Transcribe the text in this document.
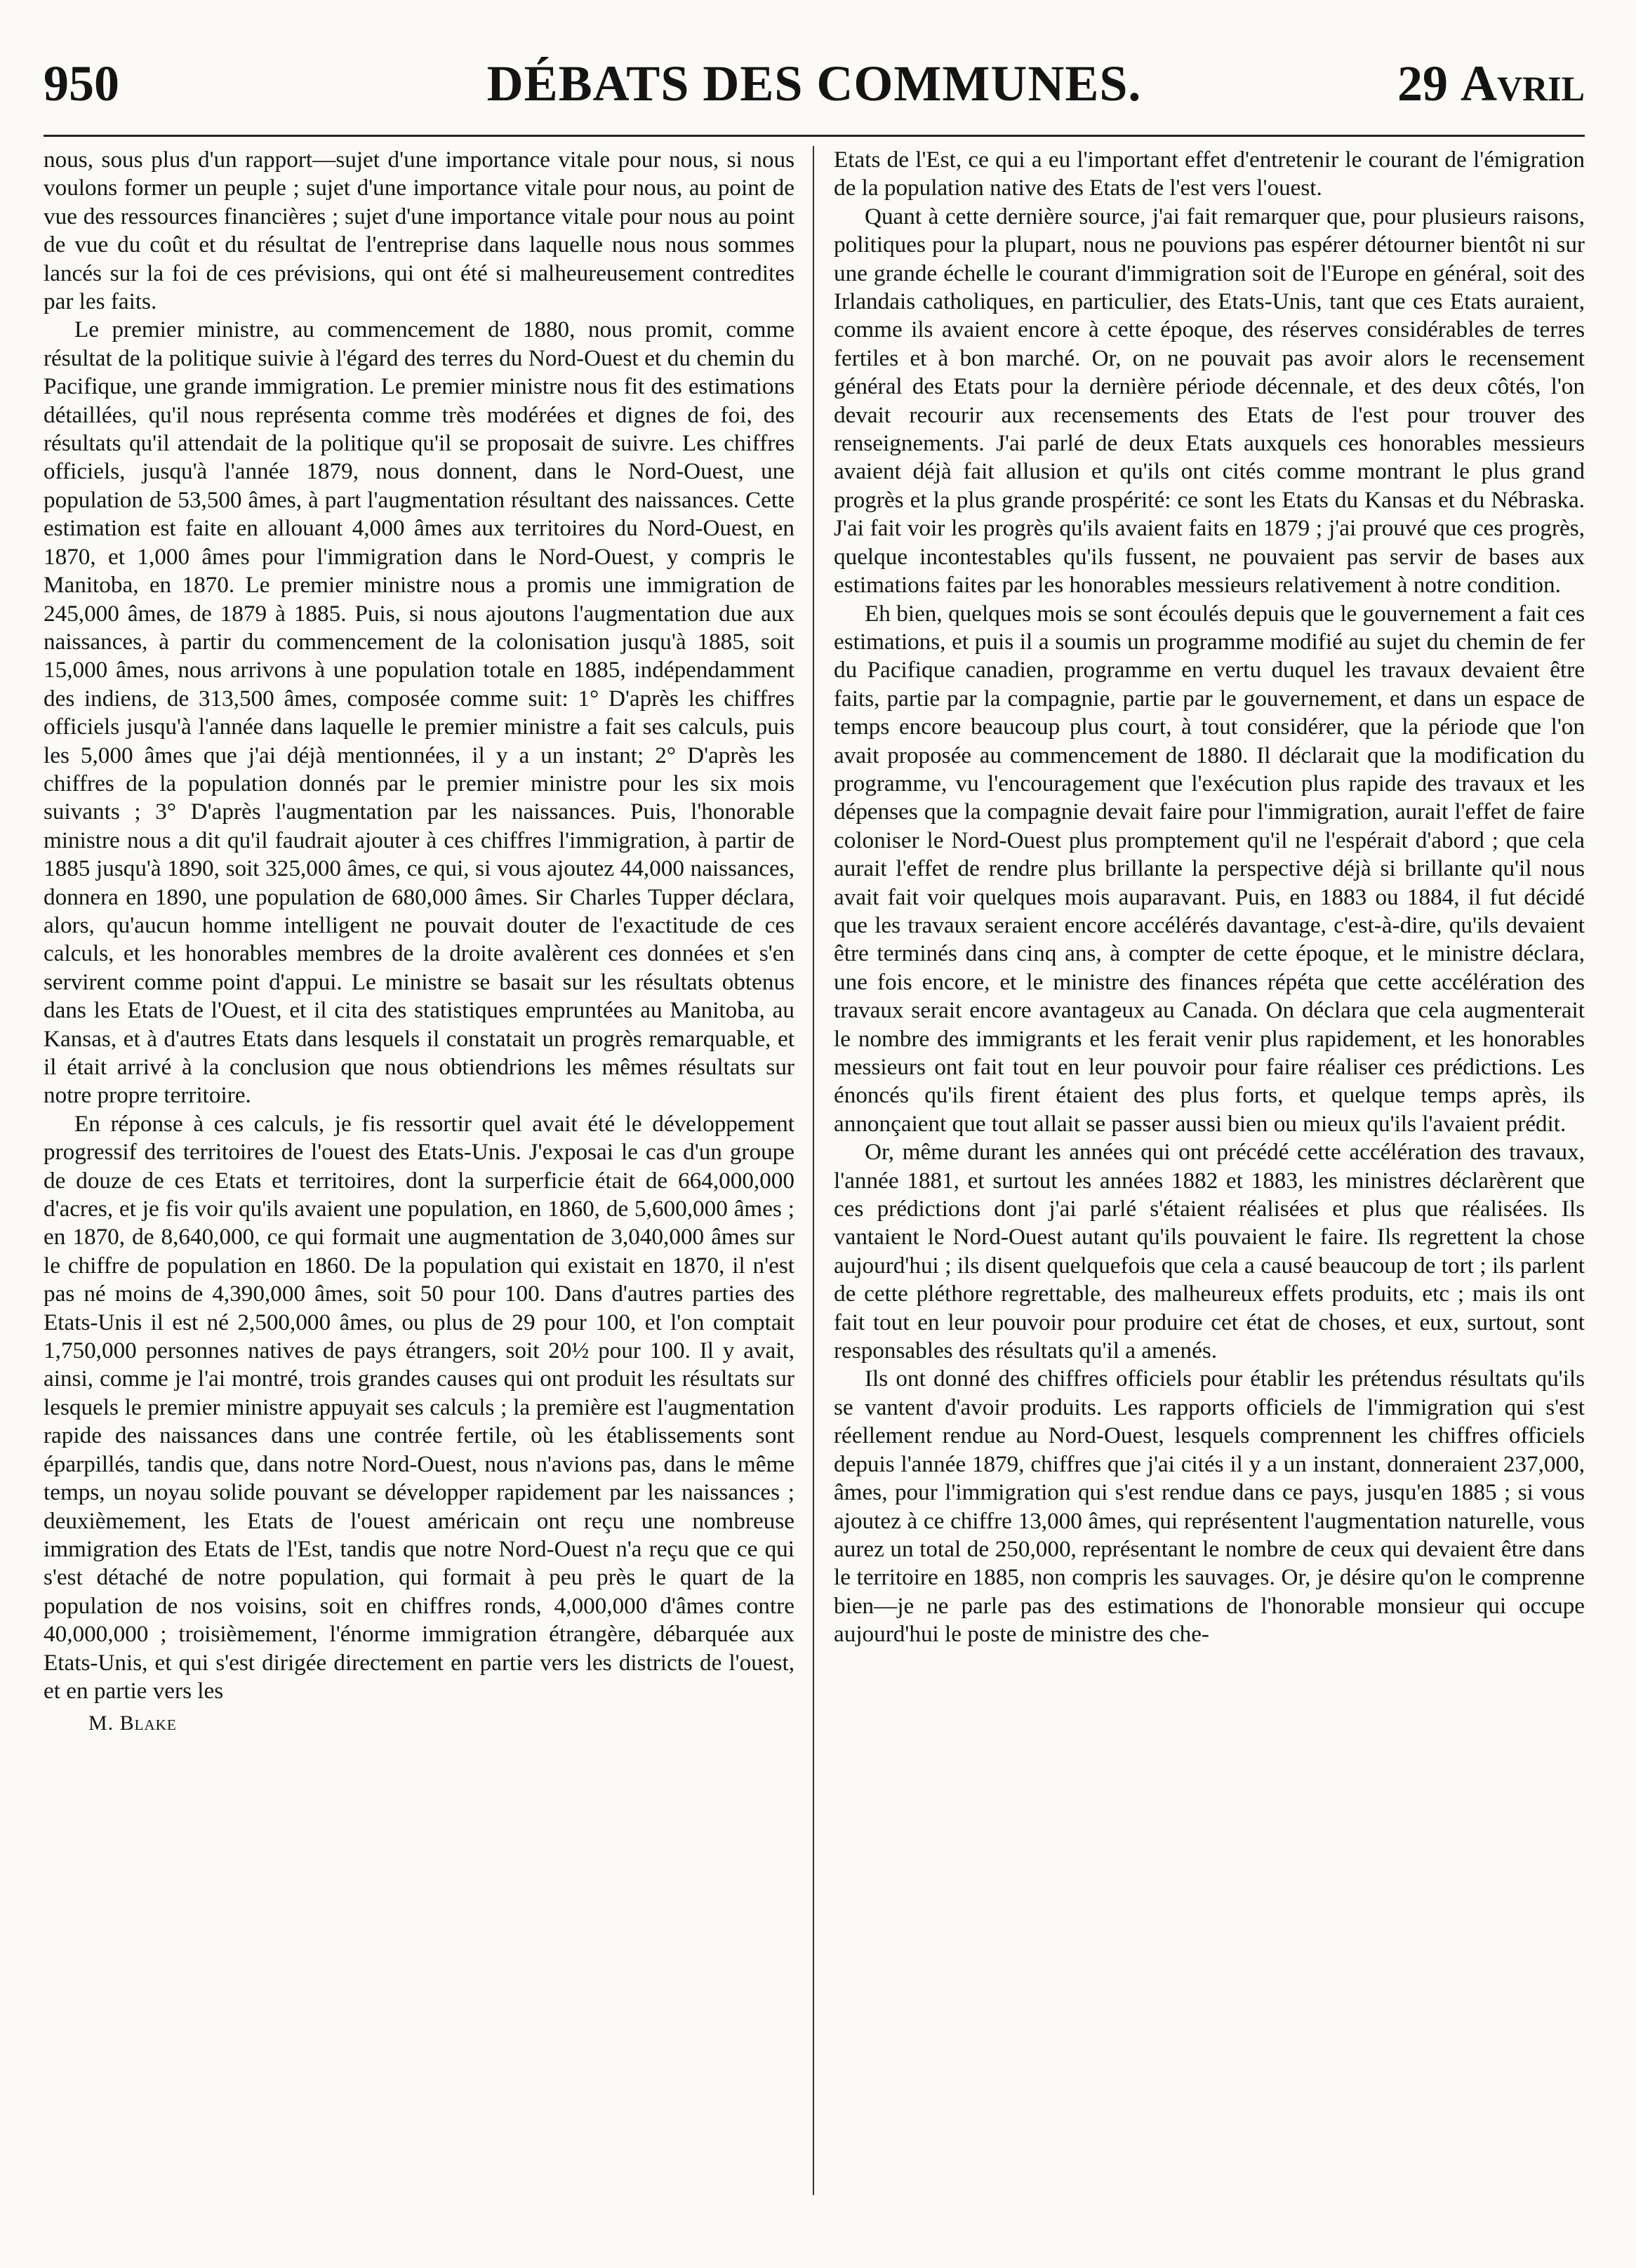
950	DÉBATS DES COMMUNES.	29 Avril

nous, sous plus d'un rapport—sujet d'une importance vitale pour nous, si nous voulons former un peuple ; sujet d'une importance vitale pour nous, au point de vue des ressources financières ; sujet d'une importance vitale pour nous au point de vue du coût et du résultat de l'entreprise dans laquelle nous nous sommes lancés sur la foi de ces prévisions, qui ont été si malheureusement contredites par les faits.

Le premier ministre, au commencement de 1880, nous promit, comme résultat de la politique suivie à l'égard des terres du Nord-Ouest et du chemin du Pacifique, une grande immigration. Le premier ministre nous fit des estimations détaillées, qu'il nous représenta comme très modérées et dignes de foi, des résultats qu'il attendait de la politique qu'il se proposait de suivre. Les chiffres officiels, jusqu'à l'année 1879, nous donnent, dans le Nord-Ouest, une population de 53,500 âmes, à part l'augmentation résultant des naissances. Cette estimation est faite en allouant 4,000 âmes aux territoires du Nord-Ouest, en 1870, et 1,000 âmes pour l'immigration dans le Nord-Ouest, y compris le Manitoba, en 1870. Le premier ministre nous a promis une immigration de 245,000 âmes, de 1879 à 1885. Puis, si nous ajoutons l'augmentation due aux naissances, à partir du commencement de la colonisation jusqu'à 1885, soit 15,000 âmes, nous arrivons à une population totale en 1885, indépendamment des indiens, de 313,500 âmes, composée comme suit: 1° D'après les chiffres officiels jusqu'à l'année dans laquelle le premier ministre a fait ses calculs, puis les 5,000 âmes que j'ai déjà mentionnées, il y a un instant; 2° D'après les chiffres de la population donnés par le premier ministre pour les six mois suivants ; 3° D'après l'augmentation par les naissances. Puis, l'honorable ministre nous a dit qu'il faudrait ajouter à ces chiffres l'immigration, à partir de 1885 jusqu'à 1890, soit 325,000 âmes, ce qui, si vous ajoutez 44,000 naissances, donnera en 1890, une population de 680,000 âmes. Sir Charles Tupper déclara, alors, qu'aucun homme intelligent ne pouvait douter de l'exactitude de ces calculs, et les honorables membres de la droite avalèrent ces données et s'en servirent comme point d'appui. Le ministre se basait sur les résultats obtenus dans les Etats de l'Ouest, et il cita des statistiques empruntées au Manitoba, au Kansas, et à d'autres Etats dans lesquels il constatait un progrès remarquable, et il était arrivé à la conclusion que nous obtiendrions les mêmes résultats sur notre propre territoire.

En réponse à ces calculs, je fis ressortir quel avait été le développement progressif des territoires de l'ouest des Etats-Unis. J'exposai le cas d'un groupe de douze de ces Etats et territoires, dont la surperficie était de 664,000,000 d'acres, et je fis voir qu'ils avaient une population, en 1860, de 5,600,000 âmes ; en 1870, de 8,640,000, ce qui formait une augmentation de 3,040,000 âmes sur le chiffre de population en 1860. De la population qui existait en 1870, il n'est pas né moins de 4,390,000 âmes, soit 50 pour 100. Dans d'autres parties des Etats-Unis il est né 2,500,000 âmes, ou plus de 29 pour 100, et l'on comptait 1,750,000 personnes natives de pays étrangers, soit 20½ pour 100. Il y avait, ainsi, comme je l'ai montré, trois grandes causes qui ont produit les résultats sur lesquels le premier ministre appuyait ses calculs ; la première est l'augmentation rapide des naissances dans une contrée fertile, où les établissements sont éparpillés, tandis que, dans notre Nord-Ouest, nous n'avions pas, dans le même temps, un noyau solide pouvant se développer rapidement par les naissances ; deuxièmement, les Etats de l'ouest américain ont reçu une nombreuse immigration des Etats de l'Est, tandis que notre Nord-Ouest n'a reçu que ce qui s'est détaché de notre population, qui formait à peu près le quart de la population de nos voisins, soit en chiffres ronds, 4,000,000 d'âmes contre 40,000,000 ; troisièmement, l'énorme immigration étrangère, débarquée aux Etats-Unis, et qui s'est dirigée directement en partie vers les districts de l'ouest, et en partie vers les

M. Blake

Etats de l'Est, ce qui a eu l'important effet d'entretenir le courant de l'émigration de la population native des Etats de l'est vers l'ouest.

Quant à cette dernière source, j'ai fait remarquer que, pour plusieurs raisons, politiques pour la plupart, nous ne pouvions pas espérer détourner bientôt ni sur une grande échelle le courant d'immigration soit de l'Europe en général, soit des Irlandais catholiques, en particulier, des Etats-Unis, tant que ces Etats auraient, comme ils avaient encore à cette époque, des réserves considérables de terres fertiles et à bon marché. Or, on ne pouvait pas avoir alors le recensement général des Etats pour la dernière période décennale, et des deux côtés, l'on devait recourir aux recensements des Etats de l'est pour trouver des renseignements. J'ai parlé de deux Etats auxquels ces honorables messieurs avaient déjà fait allusion et qu'ils ont cités comme montrant le plus grand progrès et la plus grande prospérité: ce sont les Etats du Kansas et du Nébraska. J'ai fait voir les progrès qu'ils avaient faits en 1879 ; j'ai prouvé que ces progrès, quelque incontestables qu'ils fussent, ne pouvaient pas servir de bases aux estimations faites par les honorables messieurs relativement à notre condition.

Eh bien, quelques mois se sont écoulés depuis que le gouvernement a fait ces estimations, et puis il a soumis un programme modifié au sujet du chemin de fer du Pacifique canadien, programme en vertu duquel les travaux devaient être faits, partie par la compagnie, partie par le gouvernement, et dans un espace de temps encore beaucoup plus court, à tout considérer, que la période que l'on avait proposée au commencement de 1880. Il déclarait que la modification du programme, vu l'encouragement que l'exécution plus rapide des travaux et les dépenses que la compagnie devait faire pour l'immigration, aurait l'effet de faire coloniser le Nord-Ouest plus promptement qu'il ne l'espérait d'abord ; que cela aurait l'effet de rendre plus brillante la perspective déjà si brillante qu'il nous avait fait voir quelques mois auparavant. Puis, en 1883 ou 1884, il fut décidé que les travaux seraient encore accélérés davantage, c'est-à-dire, qu'ils devaient être terminés dans cinq ans, à compter de cette époque, et le ministre déclara, une fois encore, et le ministre des finances répéta que cette accélération des travaux serait encore avantageux au Canada. On déclara que cela augmenterait le nombre des immigrants et les ferait venir plus rapidement, et les honorables messieurs ont fait tout en leur pouvoir pour faire réaliser ces prédictions. Les énoncés qu'ils firent étaient des plus forts, et quelque temps après, ils annonçaient que tout allait se passer aussi bien ou mieux qu'ils l'avaient prédit.

Or, même durant les années qui ont précédé cette accélération des travaux, l'année 1881, et surtout les années 1882 et 1883, les ministres déclarèrent que ces prédictions dont j'ai parlé s'étaient réalisées et plus que réalisées. Ils vantaient le Nord-Ouest autant qu'ils pouvaient le faire. Ils regrettent la chose aujourd'hui ; ils disent quelquefois que cela a causé beaucoup de tort ; ils parlent de cette pléthore regrettable, des malheureux effets produits, etc ; mais ils ont fait tout en leur pouvoir pour produire cet état de choses, et eux, surtout, sont responsables des résultats qu'il a amenés.

Ils ont donné des chiffres officiels pour établir les prétendus résultats qu'ils se vantent d'avoir produits. Les rapports officiels de l'immigration qui s'est réellement rendue au Nord-Ouest, lesquels comprennent les chiffres officiels depuis l'année 1879, chiffres que j'ai cités il y a un instant, donneraient 237,000, âmes, pour l'immigration qui s'est rendue dans ce pays, jusqu'en 1885 ; si vous ajoutez à ce chiffre 13,000 âmes, qui représentent l'augmentation naturelle, vous aurez un total de 250,000, représentant le nombre de ceux qui devaient être dans le territoire en 1885, non compris les sauvages. Or, je désire qu'on le comprenne bien—je ne parle pas des estimations de l'honorable monsieur qui occupe aujourd'hui le poste de ministre des che-
